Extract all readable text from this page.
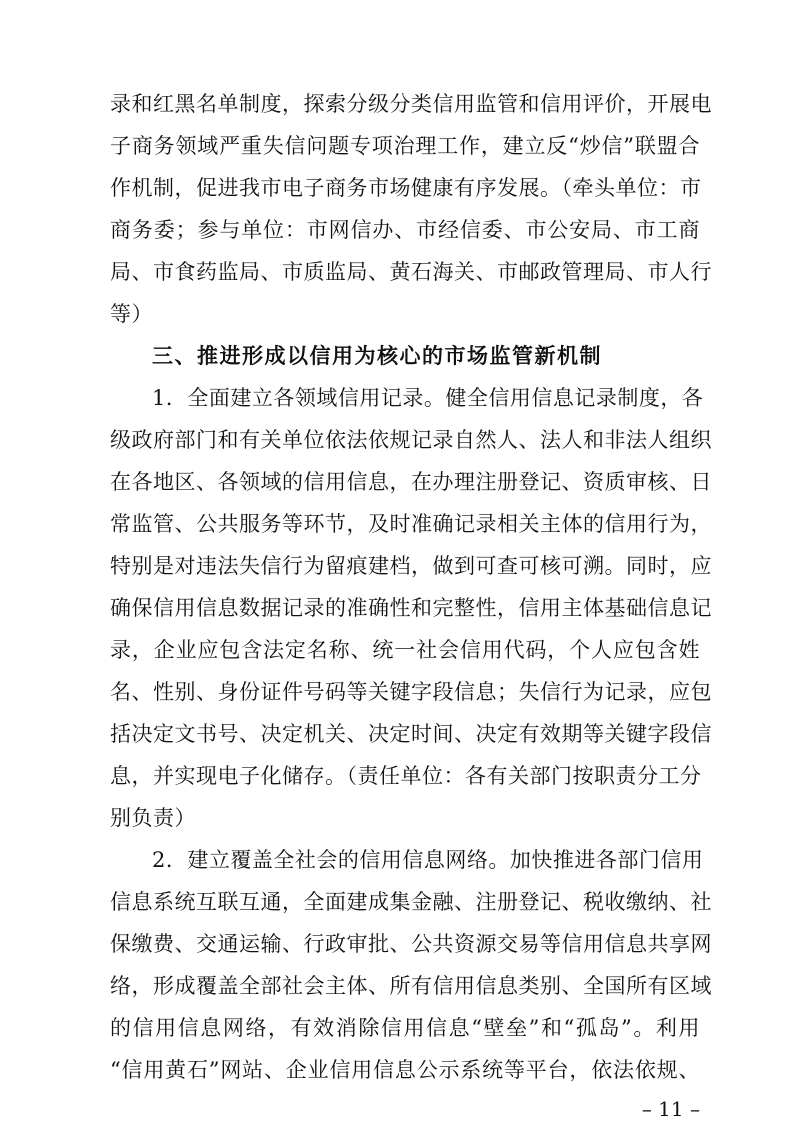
录和红黑名单制度，探索分级分类信用监管和信用评价，开展电
子商务领域严重失信问题专项治理工作，建立反“炒信”联盟合
作机制，促进我市电子商务市场健康有序发展。（牵头单位：市
商务委；参与单位：市网信办、市经信委、市公安局、市工商
局、市食药监局、市质监局、黄石海关、市邮政管理局、市人行
等）
三、推进形成以信用为核心的市场监管新机制
1．全面建立各领域信用记录。健全信用信息记录制度，各
级政府部门和有关单位依法依规记录自然人、法人和非法人组织
在各地区、各领域的信用信息，在办理注册登记、资质审核、日
常监管、公共服务等环节，及时准确记录相关主体的信用行为，
特别是对违法失信行为留痕建档，做到可查可核可溯。同时，应
确保信用信息数据记录的准确性和完整性，信用主体基础信息记
录，企业应包含法定名称、统一社会信用代码，个人应包含姓
名、性别、身份证件号码等关键字段信息；失信行为记录，应包
括决定文书号、决定机关、决定时间、决定有效期等关键字段信
息，并实现电子化储存。（责任单位：各有关部门按职责分工分
别负责）
2．建立覆盖全社会的信用信息网络。加快推进各部门信用
信息系统互联互通，全面建成集金融、注册登记、税收缴纳、社
保缴费、交通运输、行政审批、公共资源交易等信用信息共享网
络，形成覆盖全部社会主体、所有信用信息类别、全国所有区域
的信用信息网络，有效消除信用信息“壁垒”和“孤岛”。利用
“信用黄石”网站、企业信用信息公示系统等平台，依法依规、
– 11 –
